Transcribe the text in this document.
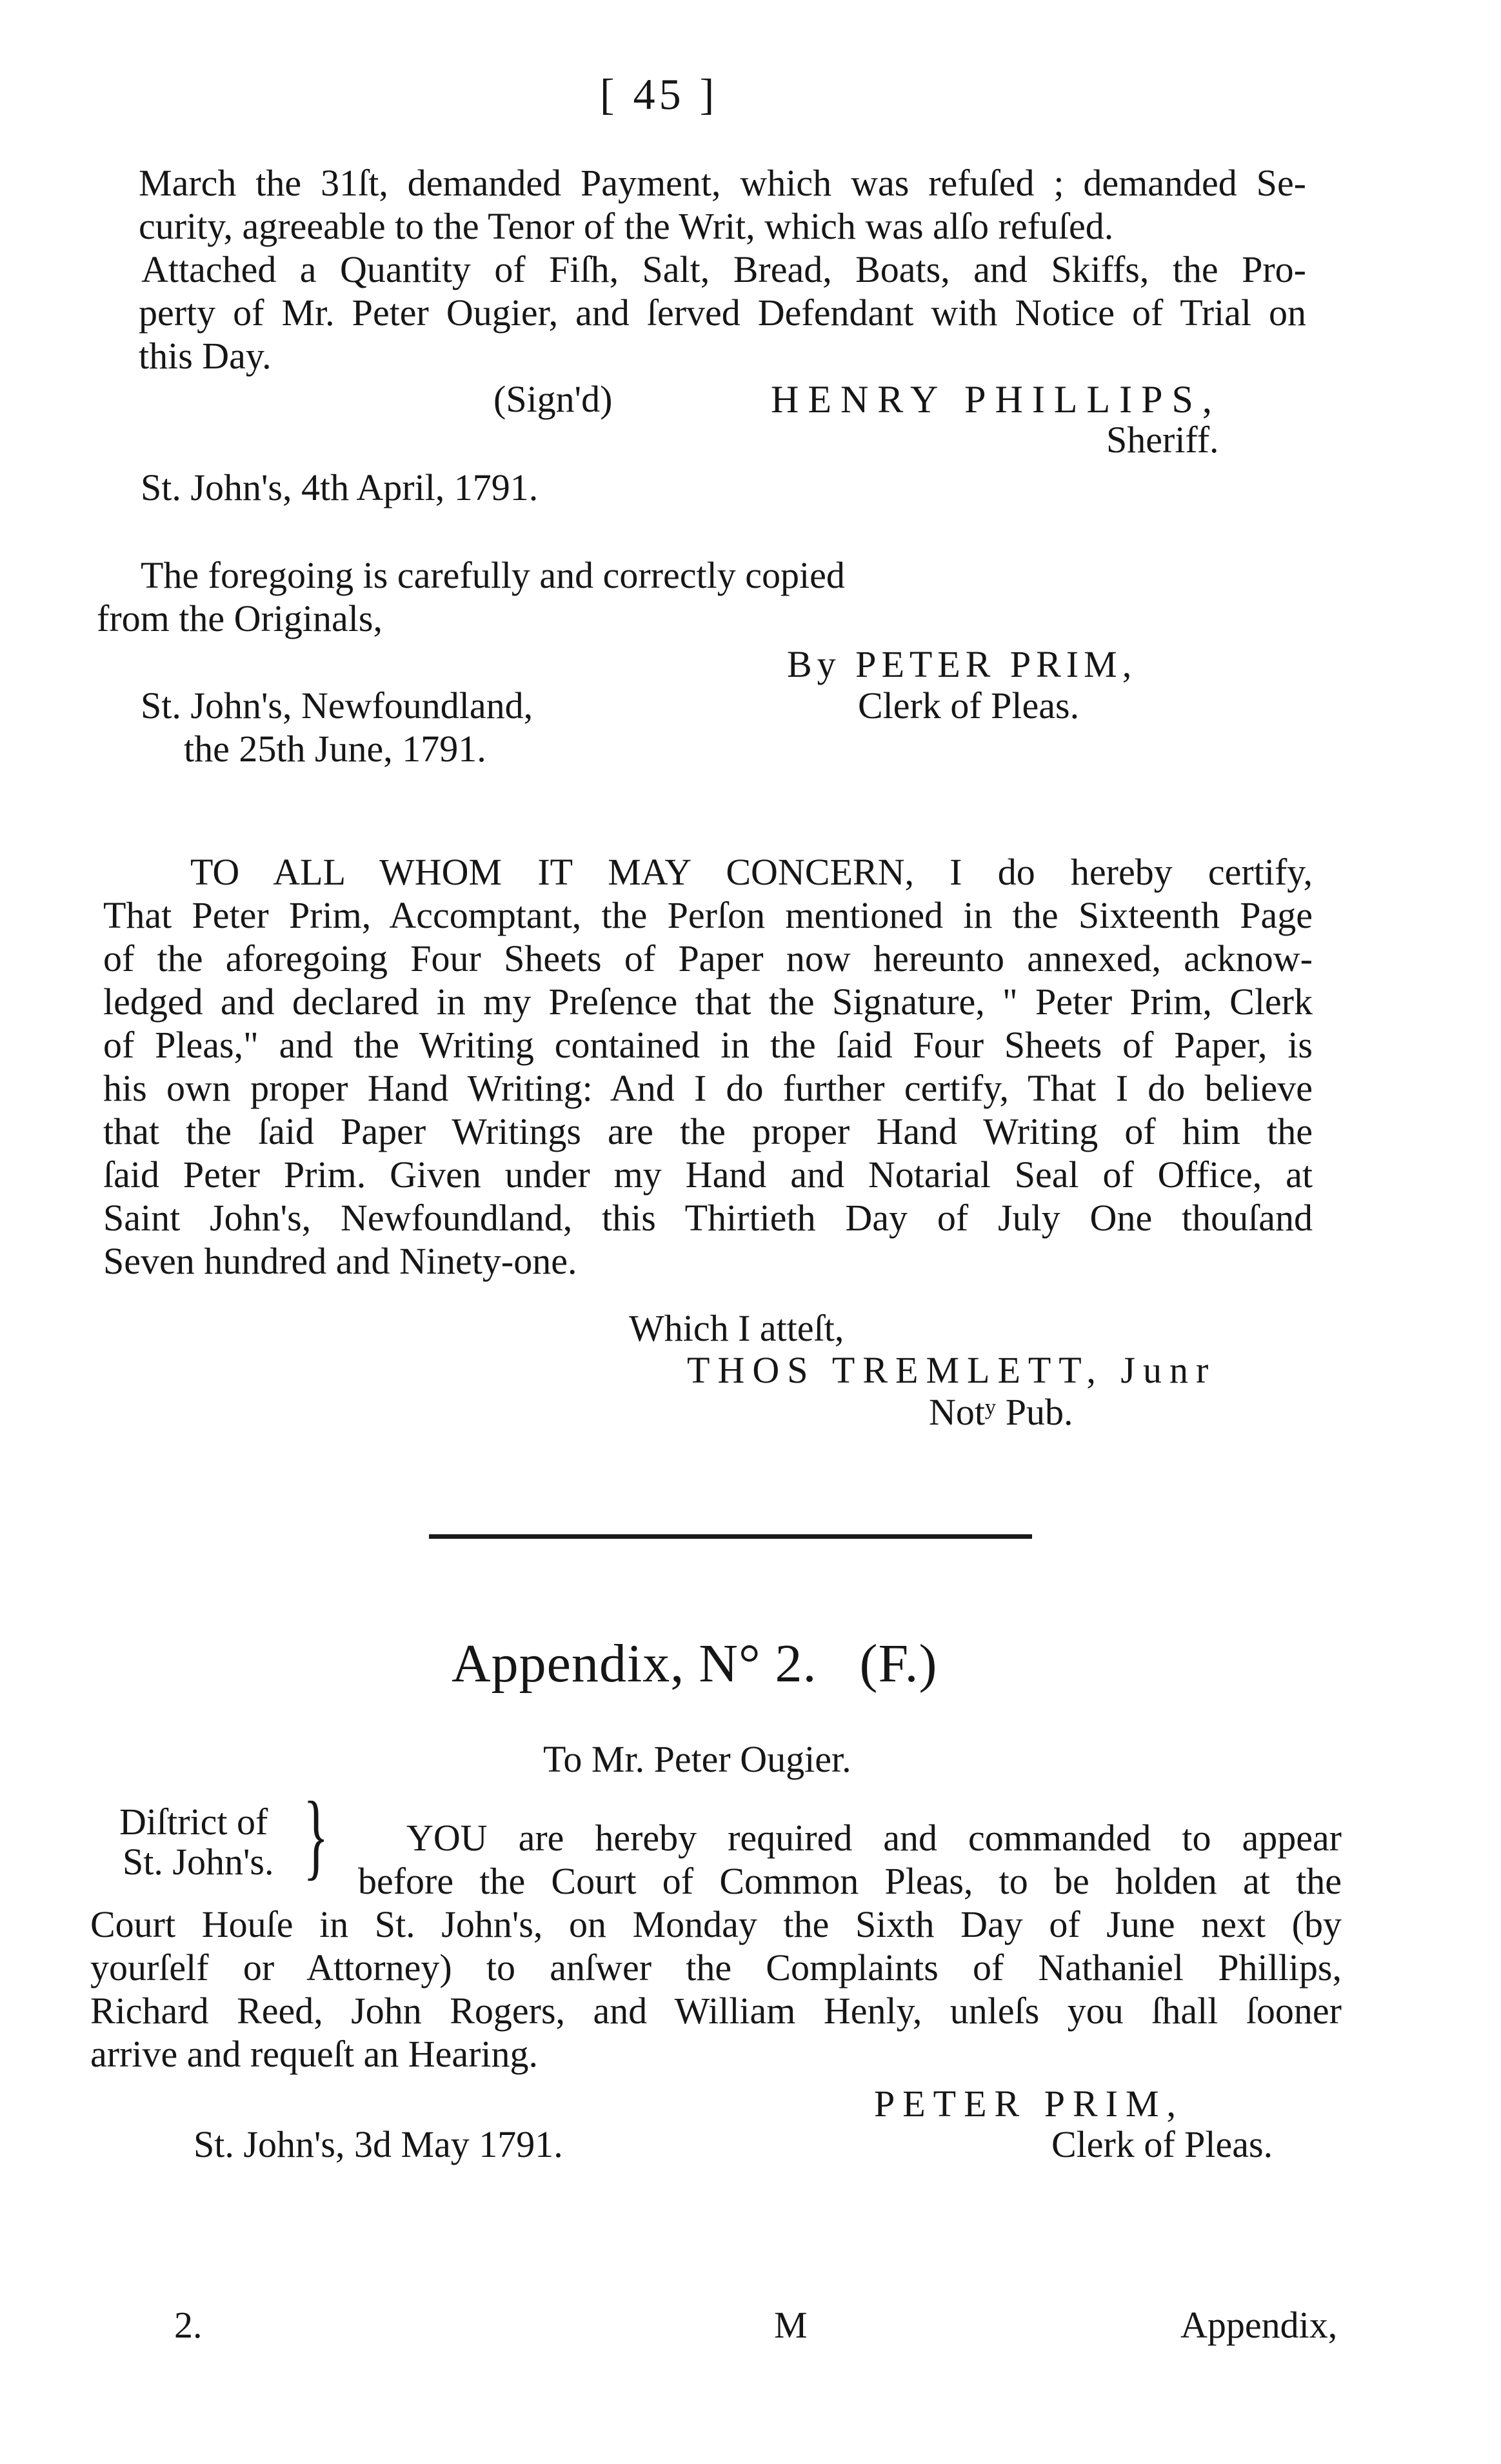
[ 45 ]
March the 31ſt, demanded Payment, which was refuſed ; demanded Se-
curity, agreeable to the Tenor of the Writ, which was alſo refuſed.
Attached a Quantity of Fiſh, Salt, Bread, Boats, and Skiffs, the Pro-
perty of Mr. Peter Ougier, and ſerved Defendant with Notice of Trial on
this Day.
(Sign'd)	HENRY PHILLIPS,
Sheriff.
St. John's, 4th April, 1791.
The foregoing is carefully and correctly copied
from the Originals,
By PETER PRIM,
St. John's, Newfoundland,	Clerk of Pleas.
the 25th June, 1791.
TO ALL WHOM IT MAY CONCERN, I do hereby certify,
That Peter Prim, Accomptant, the Perſon mentioned in the Sixteenth Page
of the aforegoing Four Sheets of Paper now hereunto annexed, acknow-
ledged and declared in my Preſence that the Signature, " Peter Prim, Clerk
of Pleas," and the Writing contained in the ſaid Four Sheets of Paper, is
his own proper Hand Writing: And I do further certify, That I do believe
that the ſaid Paper Writings are the proper Hand Writing of him the
ſaid Peter Prim. Given under my Hand and Notarial Seal of Office, at
Saint John's, Newfoundland, this Thirtieth Day of July One thouſand
Seven hundred and Ninety-one.
Which I atteſt,
THOS TREMLETT, Junr
Notʸ Pub.
Appendix, N° 2.   (F.)
To Mr. Peter Ougier.
Diſtrict of
St. John's. }	YOU are hereby required and commanded to appear
before the Court of Common Pleas, to be holden at the
Court Houſe in St. John's, on Monday the Sixth Day of June next (by
yourſelf or Attorney) to anſwer the Complaints of Nathaniel Phillips,
Richard Reed, John Rogers, and William Henly, unleſs you ſhall ſooner
arrive and requeſt an Hearing.
PETER PRIM,
St. John's, 3d May 1791.	Clerk of Pleas.
2.	M	Appendix,
